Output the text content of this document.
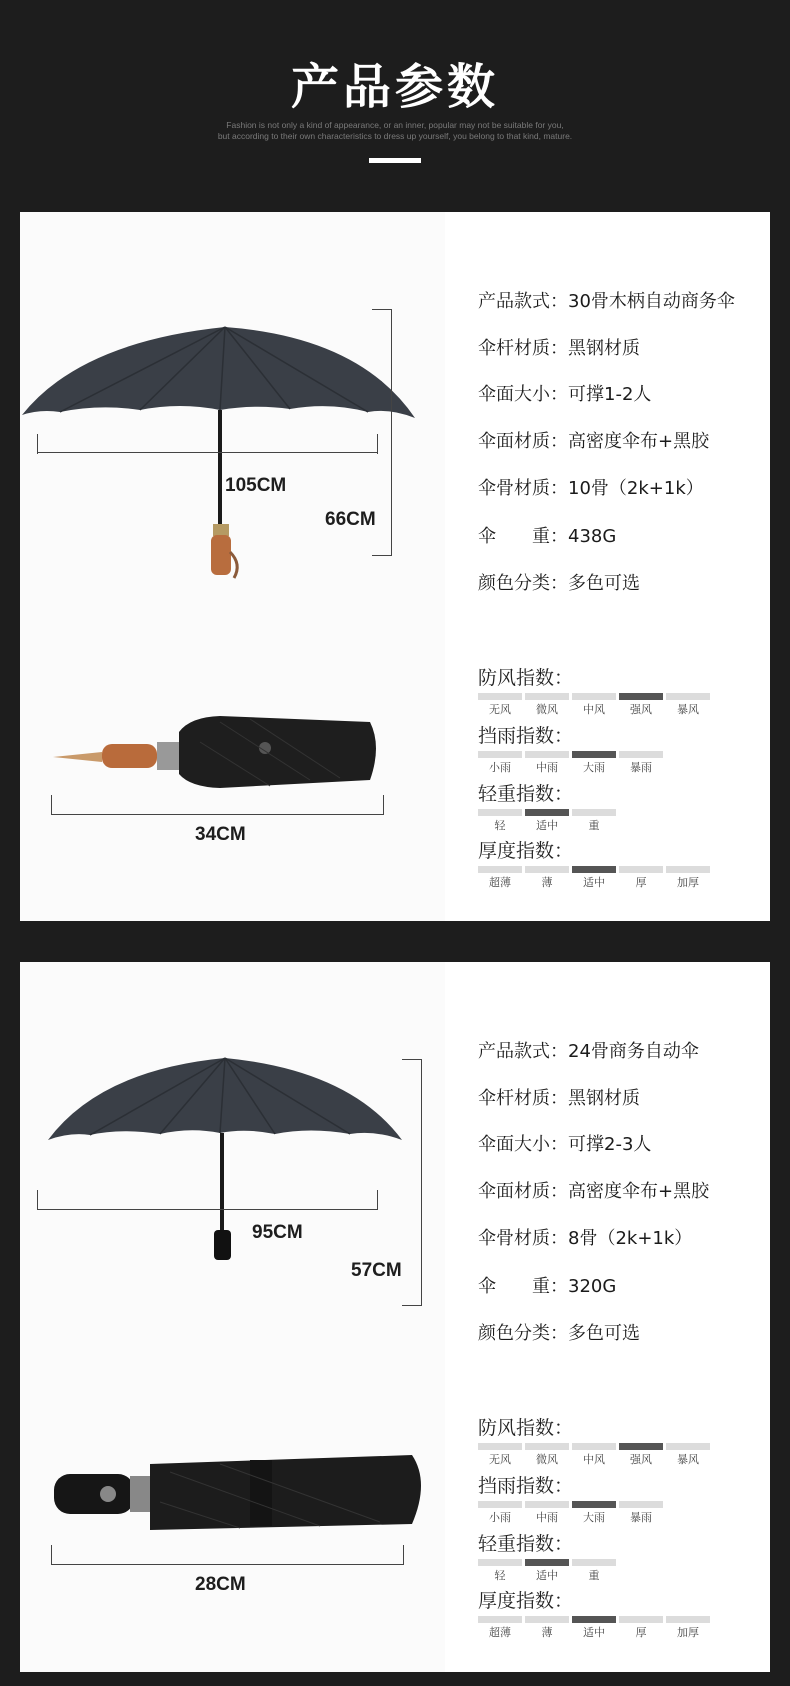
产品参数
Fashion is not only a kind of appearance, or an inner, popular may not be suitable for you,
but according to their own characteristics to dress up yourself, you belong to that kind, mature.
105CM
66CM
34CM
产品款式：30骨木柄自动商务伞
伞杆材质：黑钢材质
伞面大小：可撑1-2人
伞面材质：高密度伞布+黑胶
伞骨材质：10骨（2k+1k）
伞　　重：438G
颜色分类：多色可选
防风指数：
无风	微风	中风	强风	暴风
挡雨指数：
小雨	中雨	大雨	暴雨
轻重指数：
轻	适中	重
厚度指数：
超薄	薄	适中	厚	加厚
95CM
57CM
28CM
产品款式：24骨商务自动伞
伞杆材质：黑钢材质
伞面大小：可撑2-3人
伞面材质：高密度伞布+黑胶
伞骨材质：8骨（2k+1k）
伞　　重：320G
颜色分类：多色可选
防风指数：
无风	微风	中风	强风	暴风
挡雨指数：
小雨	中雨	大雨	暴雨
轻重指数：
轻	适中	重
厚度指数：
超薄	薄	适中	厚	加厚
